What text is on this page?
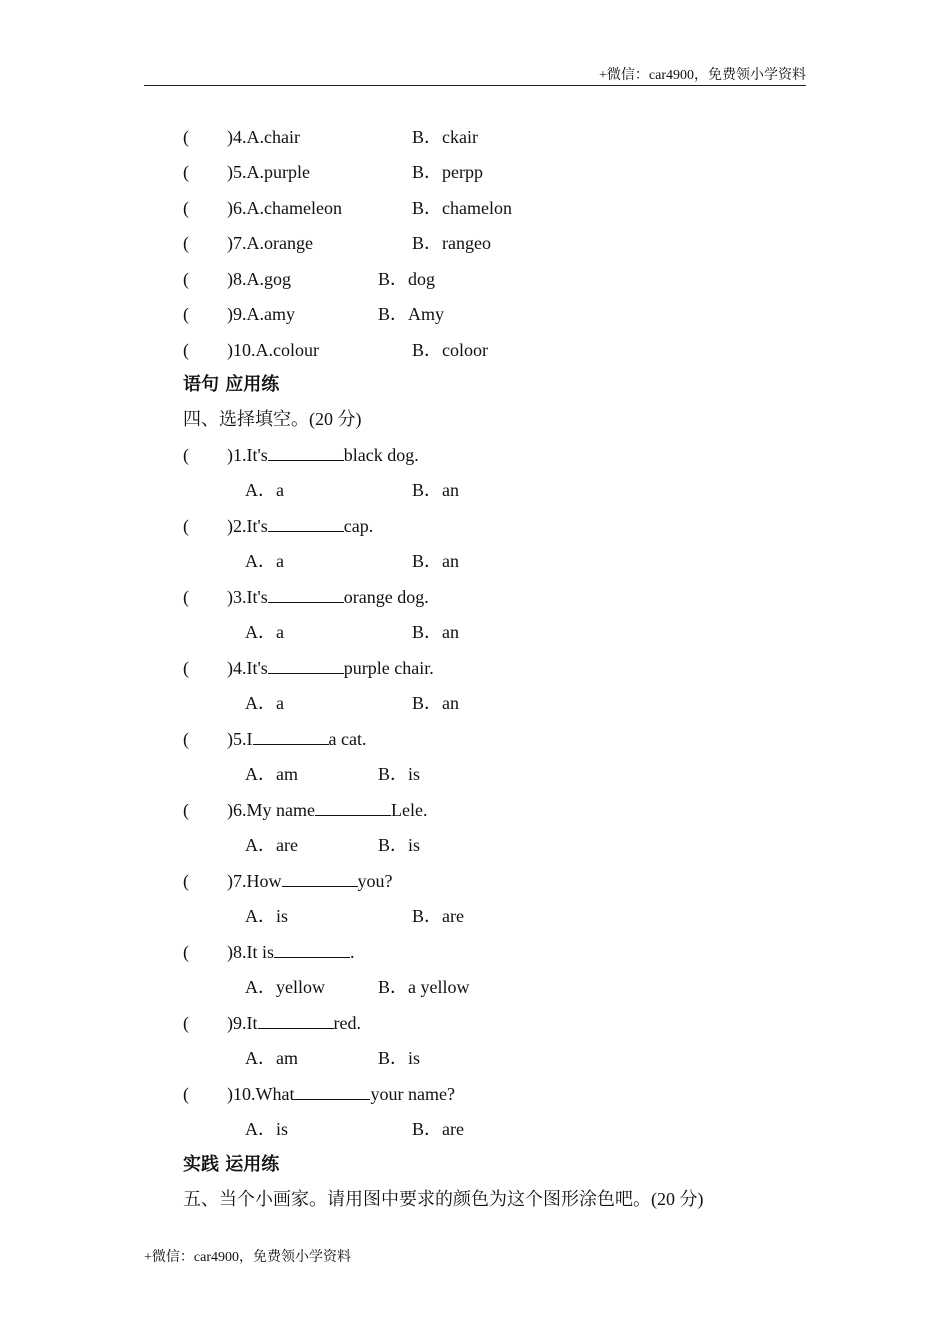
+微信：car4900，免费领小学资料
( )4.A.chair	B．ckair
( )5.A.purple	B．perpp
( )6.A.chameleon	B．chamelon
( )7.A.orange	B．rangeo
( )8.A.gog	B．dog
( )9.A.amy	B．Amy
( )10.A.colour	B．coloor
语句 应用练
四、选择填空。(20 分)
( )1.It's	black dog.
A．a	B．an
( )2.It's	cap.
A．a	B．an
( )3.It's	orange dog.
A．a	B．an
( )4.It's	purple chair.
A．a	B．an
( )5.I	a cat.
A．am	B．is
( )6.My name	Lele.
A．are	B．is
( )7.How	you?
A．is	B．are
( )8.It is	.
A．yellow	B．a yellow
( )9.It	red.
A．am	B．is
( )10.What	your name?
A．is	B．are
实践 运用练
五、当个小画家。请用图中要求的颜色为这个图形涂色吧。(20 分)
+微信：car4900，免费领小学资料
